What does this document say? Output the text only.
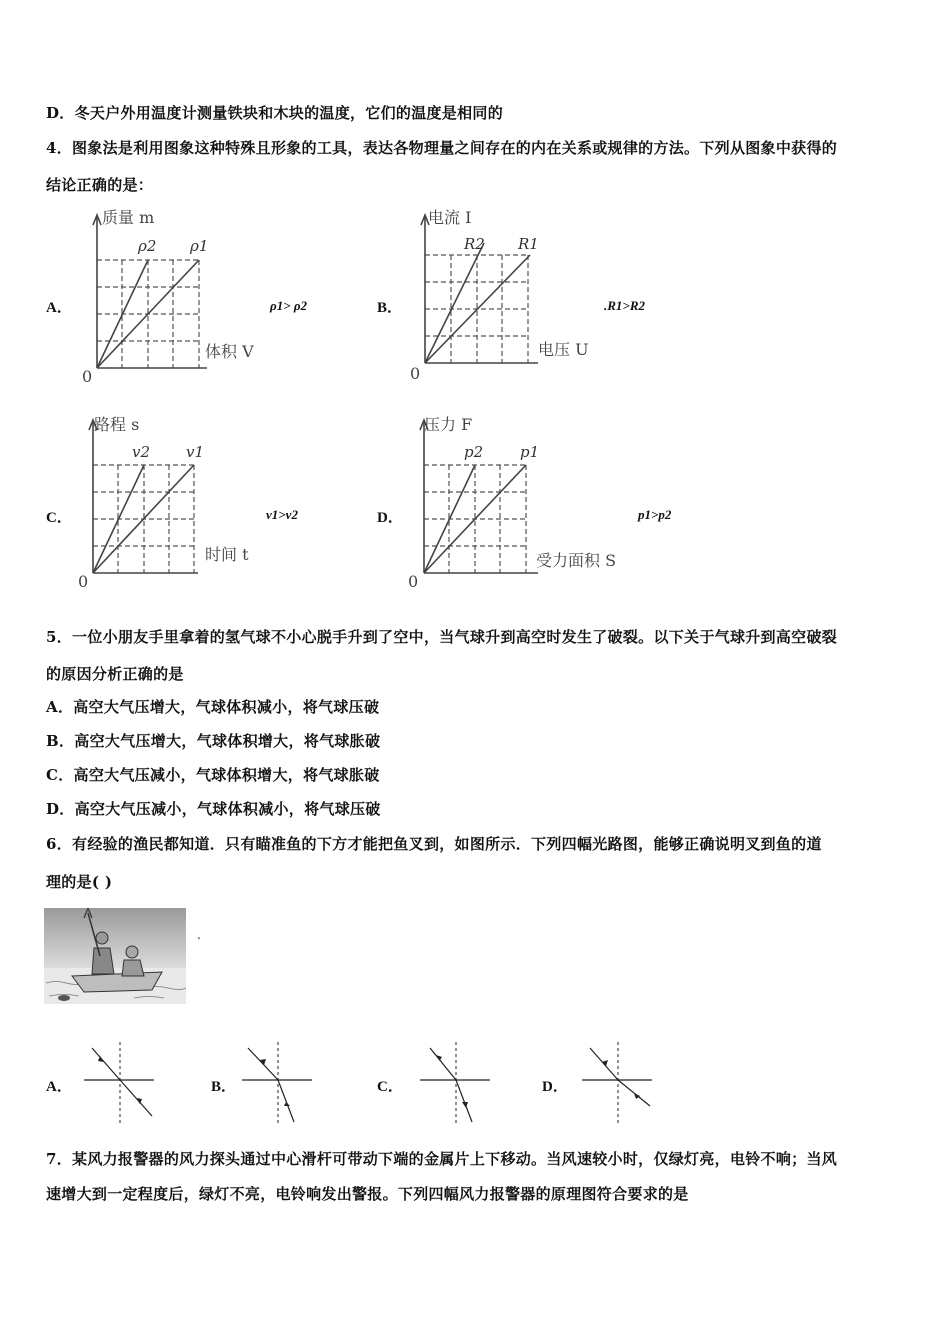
D．冬天户外用温度计测量铁块和木块的温度，它们的温度是相同的
4．图象法是利用图象这种特殊且形象的工具，表达各物理量之间存在的内在关系或规律的方法。下列从图象中获得的
结论正确的是：
A．
质量 m
体积 V
0
ρ2 ρ1
ρ1> ρ2	B．
电流 I
电压 U
0
R2 R1
.R1>R2
C．
路程 s
时间 t
0
v2 v1
v1>v2	D．
压力 F
受力面积 S
0
p2 p1
p1>p2
5．一位小朋友手里拿着的氢气球不小心脱手升到了空中，当气球升到高空时发生了破裂。以下关于气球升到高空破裂
的原因分析正确的是
A．高空大气压增大，气球体积减小，将气球压破
B．高空大气压增大，气球体积增大，将气球胀破
C．高空大气压减小，气球体积增大，将气球胀破
D．高空大气压减小，气球体积减小，将气球压破
6．有经验的渔民都知道．只有瞄准鱼的下方才能把鱼叉到，如图所示．下列四幅光路图，能够正确说明叉到鱼的道
理的是( )
.
A．	B．	C．	D．
7．某风力报警器的风力探头通过中心滑杆可带动下端的金属片上下移动。当风速较小时，仅绿灯亮，电铃不响；当风
速增大到一定程度后，绿灯不亮，电铃响发出警报。下列四幅风力报警器的原理图符合要求的是
